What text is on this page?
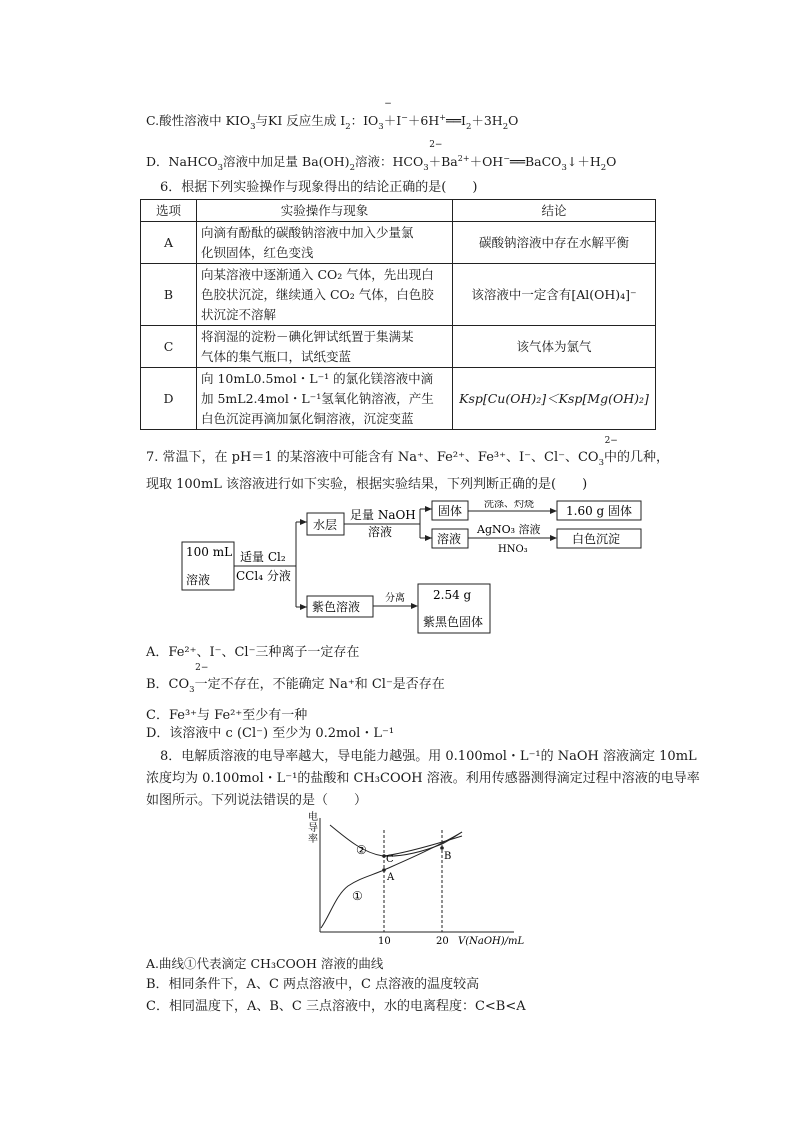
C.酸性溶液中 $KIO_3$与KI 反应生成 $I_2$：IO
−
$_3+I^-+6H^+══I_2+3H_2O$
D．NaHCO$_3$溶液中加足量 $Ba(OH)_2$溶液：HCO
2−
$_3+Ba^{2+}+OH^-══BaCO_3↓+H_2O$
6．根据下列实验操作与现象得出的结论正确的是(　　)
选项	实验操作与现象	结论
A	向滴有酚酞的碳酸钠溶液中加入少量氯
化钡固体，红色变浅	碳酸钠溶液中存在水解平衡
B	向某溶液中逐渐通入 CO₂ 气体，先出现白
色胶状沉淀，继续通入 CO₂ 气体，白色胶
状沉淀不溶解	该溶液中一定含有[Al(OH)₄]⁻
C	将润湿的淀粉－碘化钾试纸置于集满某
气体的集气瓶口，试纸变蓝	该气体为氯气
D	向 10mL0.5mol・L⁻¹ 的氯化镁溶液中滴
加 5mL2.4mol・L⁻¹氢氧化钠溶液，产生
白色沉淀再滴加氯化铜溶液，沉淀变蓝	Ksp[Cu(OH)₂]＜Ksp[Mg(OH)₂]
7. 常温下，在 pH＝1 的某溶液中可能含有 Na⁺、Fe²⁺、Fe³⁺、I⁻、Cl⁻、CO
2−
$_3$中的几种，
现取 100mL 该溶液进行如下实验，根据实验结果，下列判断正确的是(　　)
100 mL
溶液
适量 Cl₂
CCl₄ 分液
水层
足量 NaOH
溶液
固体
溶液
洗涤、灼烧
AgNO₃ 溶液
HNO₃
1.60 g 固体
白色沉淀
紫色溶液
分离 2.54 g
紫黑色固体
A．Fe²⁺、I⁻、Cl⁻三种离子一定存在
B．CO
2−
$_3$一定不存在，不能确定 Na⁺和 Cl⁻是否存在
C．Fe³⁺与 Fe²⁺至少有一种
D．该溶液中 c (Cl⁻) 至少为 0.2mol・L⁻¹
8．电解质溶液的电导率越大，导电能力越强。用 0.100mol・L⁻¹的 NaOH 溶液滴定 10mL
浓度均为 0.100mol・L⁻¹的盐酸和 CH₃COOH 溶液。利用传感器测得滴定过程中溶液的电导率
如图所示。下列说法错误的是（　　）
电
导
率
②
①
C
A
B
10	20 V(NaOH)/mL
A.曲线①代表滴定 CH₃COOH 溶液的曲线
B．相同条件下，A、C 两点溶液中，C 点溶液的温度较高
C．相同温度下，A、B、C 三点溶液中，水的电离程度：C<B<A
